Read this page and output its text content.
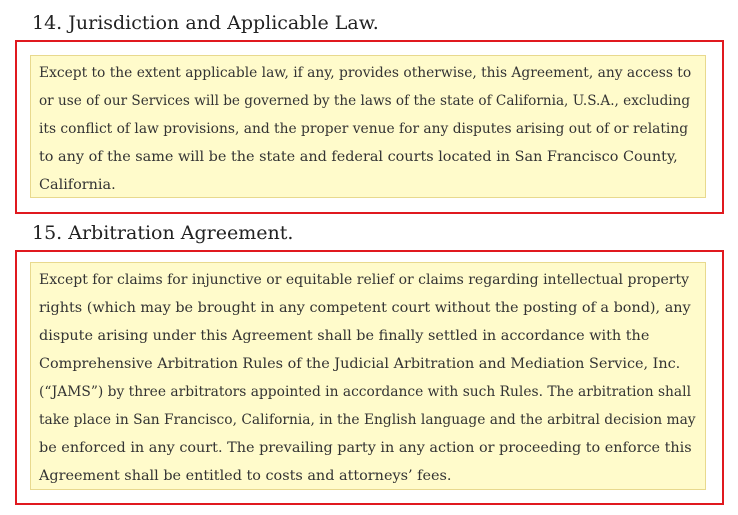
14. Jurisdiction and Applicable Law.
Except to the extent applicable law, if any, provides otherwise, this Agreement, any access to
or use of our Services will be governed by the laws of the state of California, U.S.A., excluding
its conflict of law provisions, and the proper venue for any disputes arising out of or relating
to any of the same will be the state and federal courts located in San Francisco County,
California.
15. Arbitration Agreement.
Except for claims for injunctive or equitable relief or claims regarding intellectual property
rights (which may be brought in any competent court without the posting of a bond), any
dispute arising under this Agreement shall be finally settled in accordance with the
Comprehensive Arbitration Rules of the Judicial Arbitration and Mediation Service, Inc.
(“JAMS”) by three arbitrators appointed in accordance with such Rules. The arbitration shall
take place in San Francisco, California, in the English language and the arbitral decision may
be enforced in any court. The prevailing party in any action or proceeding to enforce this
Agreement shall be entitled to costs and attorneys’ fees.
